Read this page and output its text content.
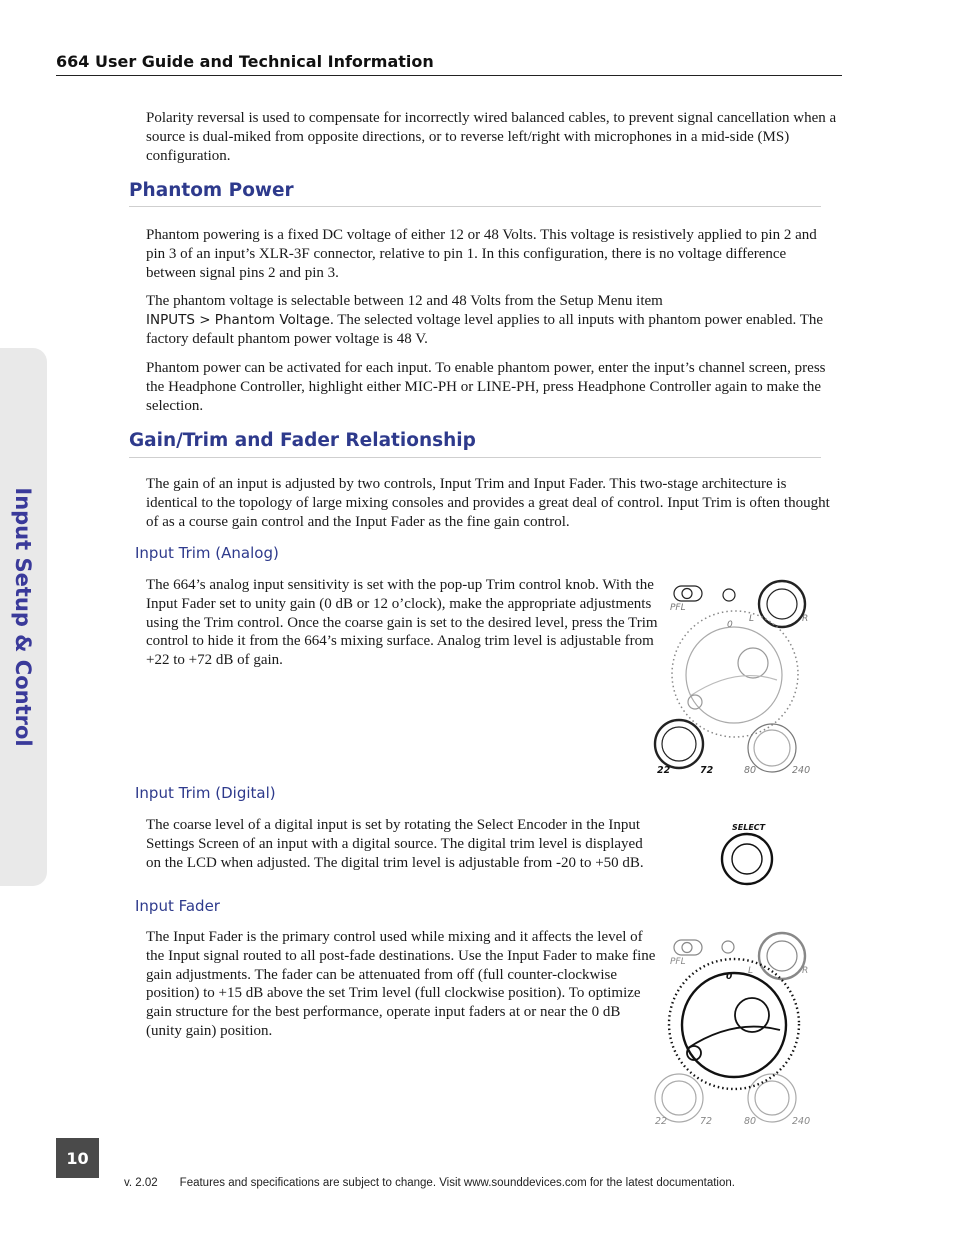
664 User Guide and Technical Information
Input Setup & Control

Polarity reversal is used to compensate for incorrectly wired balanced cables, to prevent signal cancellation when a source is dual-miked from opposite directions, or to reverse left/right with microphones in a mid-side (MS) configuration.

Phantom Power

Phantom powering is a fixed DC voltage of either 12 or 48 Volts. This voltage is resistively applied to pin 2 and pin 3 of an input’s XLR-3F connector, relative to pin 1. In this configuration, there is no voltage difference between signal pins 2 and pin 3.

The phantom voltage is selectable between 12 and 48 Volts from the Setup Menu item
INPUTS > Phantom Voltage. The selected voltage level applies to all inputs with phantom power enabled. The factory default phantom power voltage is 48 V.

Phantom power can be activated for each input. To enable phantom power, enter the input’s channel screen, press the Headphone Controller, highlight either MIC-PH or LINE-PH, press Headphone Controller again to make the selection.

Gain/Trim and Fader Relationship

The gain of an input is adjusted by two controls, Input Trim and Input Fader. This two-stage architecture is identical to the topology of large mixing consoles and provides a great deal of control. Input Trim is often thought of as a course gain control and the Input Fader as the fine gain control.

Input Trim (Analog)

The 664’s analog input sensitivity is set with the pop-up Trim control knob. With the Input Fader set to unity gain (0 dB or 12 o’clock), make the appropriate adjustments using the Trim control. Once the coarse gain is set to the desired level, press the Trim control to hide it from the 664’s mixing surface. Analog trim level is adjustable from +22 to +72 dB of gain.

PFL
0
L	R
22	72	80	240
Input Trim (Digital)

The coarse level of a digital input is set by rotating the Select Encoder in the Input Settings Screen of an input with a digital source. The digital trim level is displayed on the LCD when adjusted. The digital trim level is adjustable from -20 to +50 dB.

SELECT
Input Fader

The Input Fader is the primary control used while mixing and it affects the level of the Input signal routed to all post-fade destinations. Use the Input Fader to make fine gain adjustments. The fader can be attenuated from off (full counter-clockwise position) to +15 dB above the set Trim level (full clockwise position). To optimize gain structure for the best performance, operate input faders at or near the 0 dB (unity gain) position.

PFL
0
L	R
22	72	80	240
10
v. 2.02 Features and specifications are subject to change. Visit www.sounddevices.com for the latest documentation.
